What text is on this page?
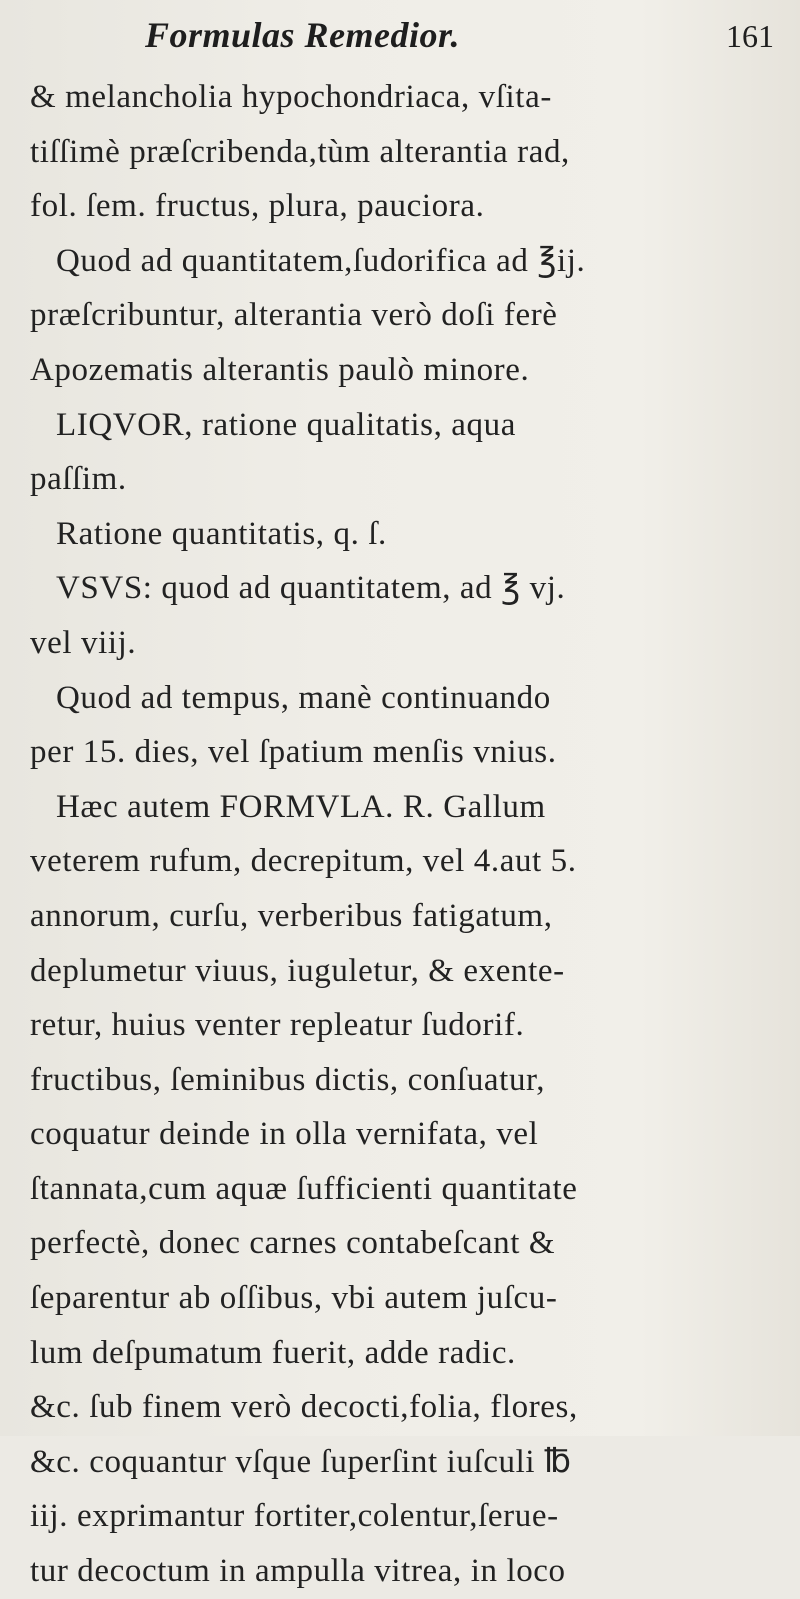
Formulas Remedior.	161
& melancholia hypochondriaca, vſita-
tiſſimè præſcribenda,tùm alterantia rad,
fol. ſem. fructus, plura, pauciora.
Quod ad quantitatem,ſudorifica ad ℥ij.
præſcribuntur, alterantia verò doſi ferè
Apozematis alterantis paulò minore.
LIQVOR, ratione qualitatis, aqua
paſſim.
Ratione quantitatis, q. ſ.
VSVS: quod ad quantitatem, ad ℥ vj.
vel viij.
Quod ad tempus, manè continuando
per 15. dies, vel ſpatium menſis vnius.
Hæc autem FORMVLA. R. Gallum
veterem rufum, decrepitum, vel 4.aut 5.
annorum, curſu, verberibus fatigatum,
deplumetur viuus, iuguletur, & exente-
retur, huius venter repleatur ſudorif.
fructibus, ſeminibus dictis, conſuatur,
coquatur deinde in olla vernifata, vel
ſtannata,cum aquæ ſufficienti quantitate
perfectè, donec carnes contabeſcant &
ſeparentur ab oſſibus, vbi autem juſcu-
lum deſpumatum fuerit, adde radic.
&c. ſub finem verò decocti,folia, flores,
&c. coquantur vſque ſuperſint iuſculi ℔
iij. exprimantur fortiter,colentur,ſerue-
tur decoctum in ampulla vitrea, in loco
